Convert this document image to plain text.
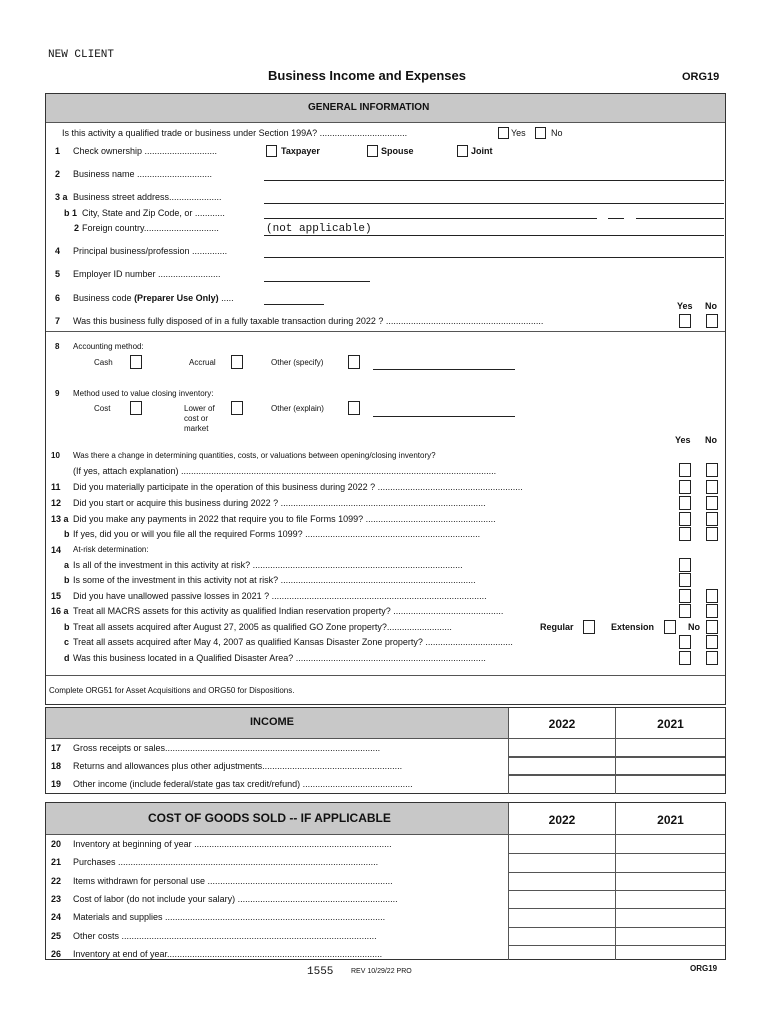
NEW CLIENT
Business Income and Expenses	ORG19
GENERAL INFORMATION
Is this activity a qualified trade or business under Section 199A? ...................................	Yes	No
1 Check ownership .............................	Taxpayer	Spouse	Joint
2 Business name ..............................
3 a Business street address.....................
b 1 City, State and Zip Code, or ............
2 Foreign country..............................	(not applicable)
4 Principal business/profession ..............
5 Employer ID number .........................
6 Business code (Preparer Use Only) .....
Yes No
7 Was this business fully disposed of in a fully taxable transaction during 2022 ? ...............................................................
8 Accounting method:
Cash	Accrual	Other (specify)
9 Method used to value closing inventory:
Cost	Lower of
cost or
market
Other (explain)
Yes No
10 Was there a change in determining quantities, costs, or valuations between opening/closing inventory?
(If yes, attach explanation) ..............................................................................................................................
11 Did you materially participate in the operation of this business during 2022 ? ..........................................................
12 Did you start or acquire this business during 2022 ? ..................................................................................
13 a Did you make any payments in 2022 that require you to file Forms 1099? ....................................................
b If yes, did you or will you file all the required Forms 1099? ......................................................................
14 At-risk determination:
a Is all of the investment in this activity at risk? ....................................................................................
b Is some of the investment in this activity not at risk? ..............................................................................
15 Did you have unallowed passive losses in 2021 ? ......................................................................................
16 a Treat all MACRS assets for this activity as qualified Indian reservation property? ............................................
b Treat all assets acquired after August 27, 2005 as qualified GO Zone property?..........................	Regular	Extension	No
c Treat all assets acquired after May 4, 2007 as qualified Kansas Disaster Zone property? ...................................
d Was this business located in a Qualified Disaster Area? ............................................................................
Complete ORG51 for Asset Acquisitions and ORG50 for Dispositions.
INCOME	2022	2021
17 Gross receipts or sales......................................................................................
18 Returns and allowances plus other adjustments........................................................
19 Other income (include federal/state gas tax credit/refund) ............................................
COST OF GOODS SOLD -- IF APPLICABLE	2022	2021
20 Inventory at beginning of year ...............................................................................
21 Purchases ........................................................................................................
22 Items withdrawn for personal use ..........................................................................
23 Cost of labor (do not include your salary) ................................................................
24 Materials and supplies ........................................................................................
25 Other costs ......................................................................................................
26 Inventory at end of year......................................................................................
1555	REV 10/29/22 PRO	ORG19
